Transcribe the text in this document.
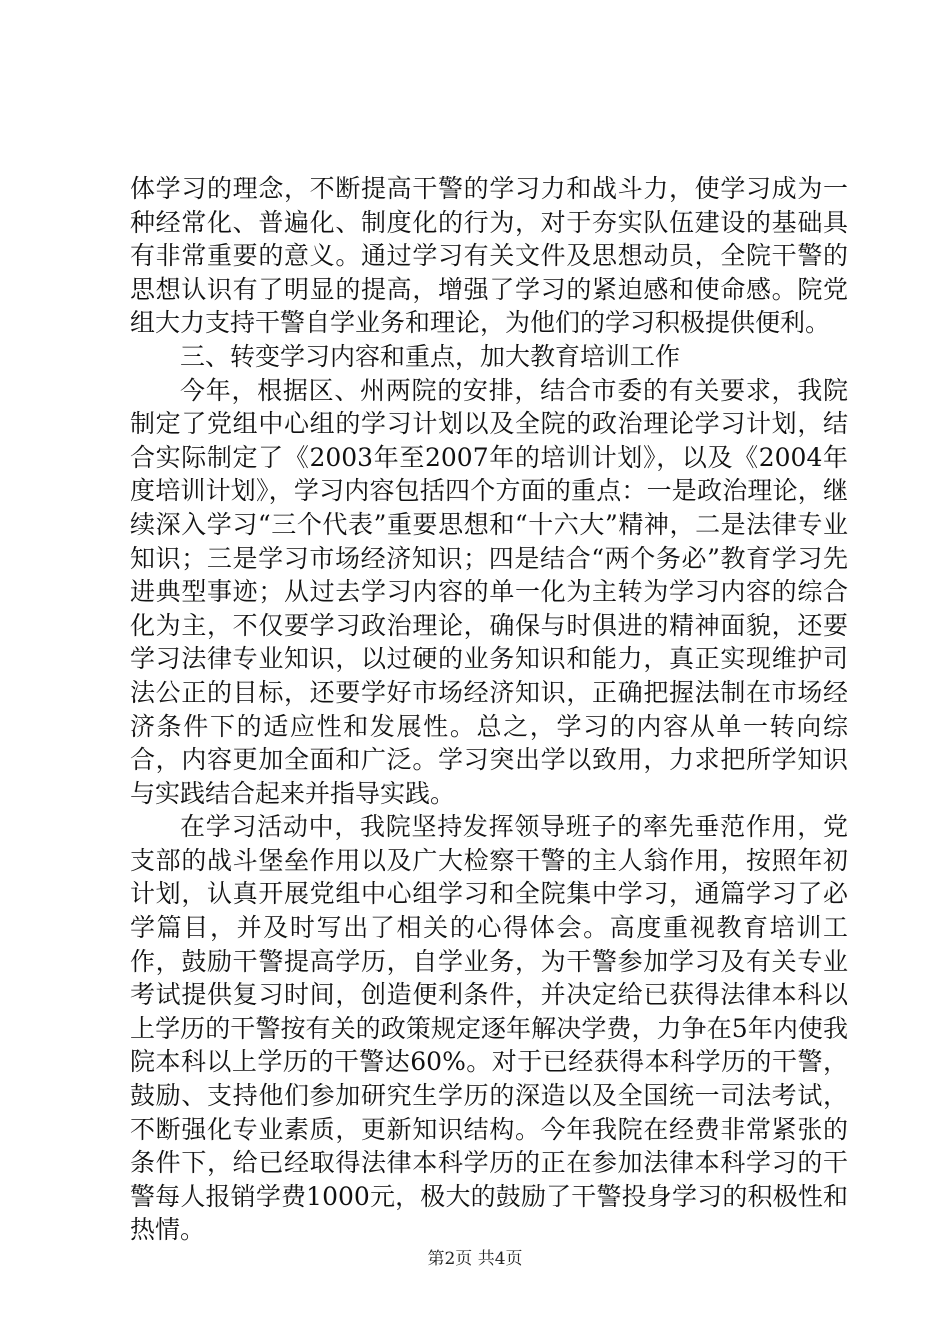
体学习的理念，不断提高干警的学习力和战斗力，使学习成为一种经常化、普遍化、制度化的行为，对于夯实队伍建设的基础具有非常重要的意义。通过学习有关文件及思想动员，全院干警的思想认识有了明显的提高，增强了学习的紧迫感和使命感。院党组大力支持干警自学业务和理论，为他们的学习积极提供便利。

三、转变学习内容和重点，加大教育培训工作

今年，根据区、州两院的安排，结合市委的有关要求，我院制定了党组中心组的学习计划以及全院的政治理论学习计划，结合实际制定了《2003年至2007年的培训计划》，以及《2004年度培训计划》，学习内容包括四个方面的重点：一是政治理论，继续深入学习“三个代表”重要思想和“十六大”精神，二是法律专业知识；三是学习市场经济知识；四是结合“两个务必”教育学习先进典型事迹；从过去学习内容的单一化为主转为学习内容的综合化为主，不仅要学习政治理论，确保与时俱进的精神面貌，还要学习法律专业知识，以过硬的业务知识和能力，真正实现维护司法公正的目标，还要学好市场经济知识，正确把握法制在市场经济条件下的适应性和发展性。总之，学习的内容从单一转向综合，内容更加全面和广泛。学习突出学以致用，力求把所学知识与实践结合起来并指导实践。

在学习活动中，我院坚持发挥领导班子的率先垂范作用，党支部的战斗堡垒作用以及广大检察干警的主人翁作用，按照年初计划，认真开展党组中心组学习和全院集中学习，通篇学习了必学篇目，并及时写出了相关的心得体会。高度重视教育培训工作，鼓励干警提高学历，自学业务，为干警参加学习及有关专业考试提供复习时间，创造便利条件，并决定给已获得法律本科以上学历的干警按有关的政策规定逐年解决学费，力争在5年内使我院本科以上学历的干警达60%。对于已经获得本科学历的干警，鼓励、支持他们参加研究生学历的深造以及全国统一司法考试，不断强化专业素质，更新知识结构。今年我院在经费非常紧张的条件下，给已经取得法律本科学历的正在参加法律本科学习的干警每人报销学费1000元，极大的鼓励了干警投身学习的积极性和热情。

第2页 共4页
